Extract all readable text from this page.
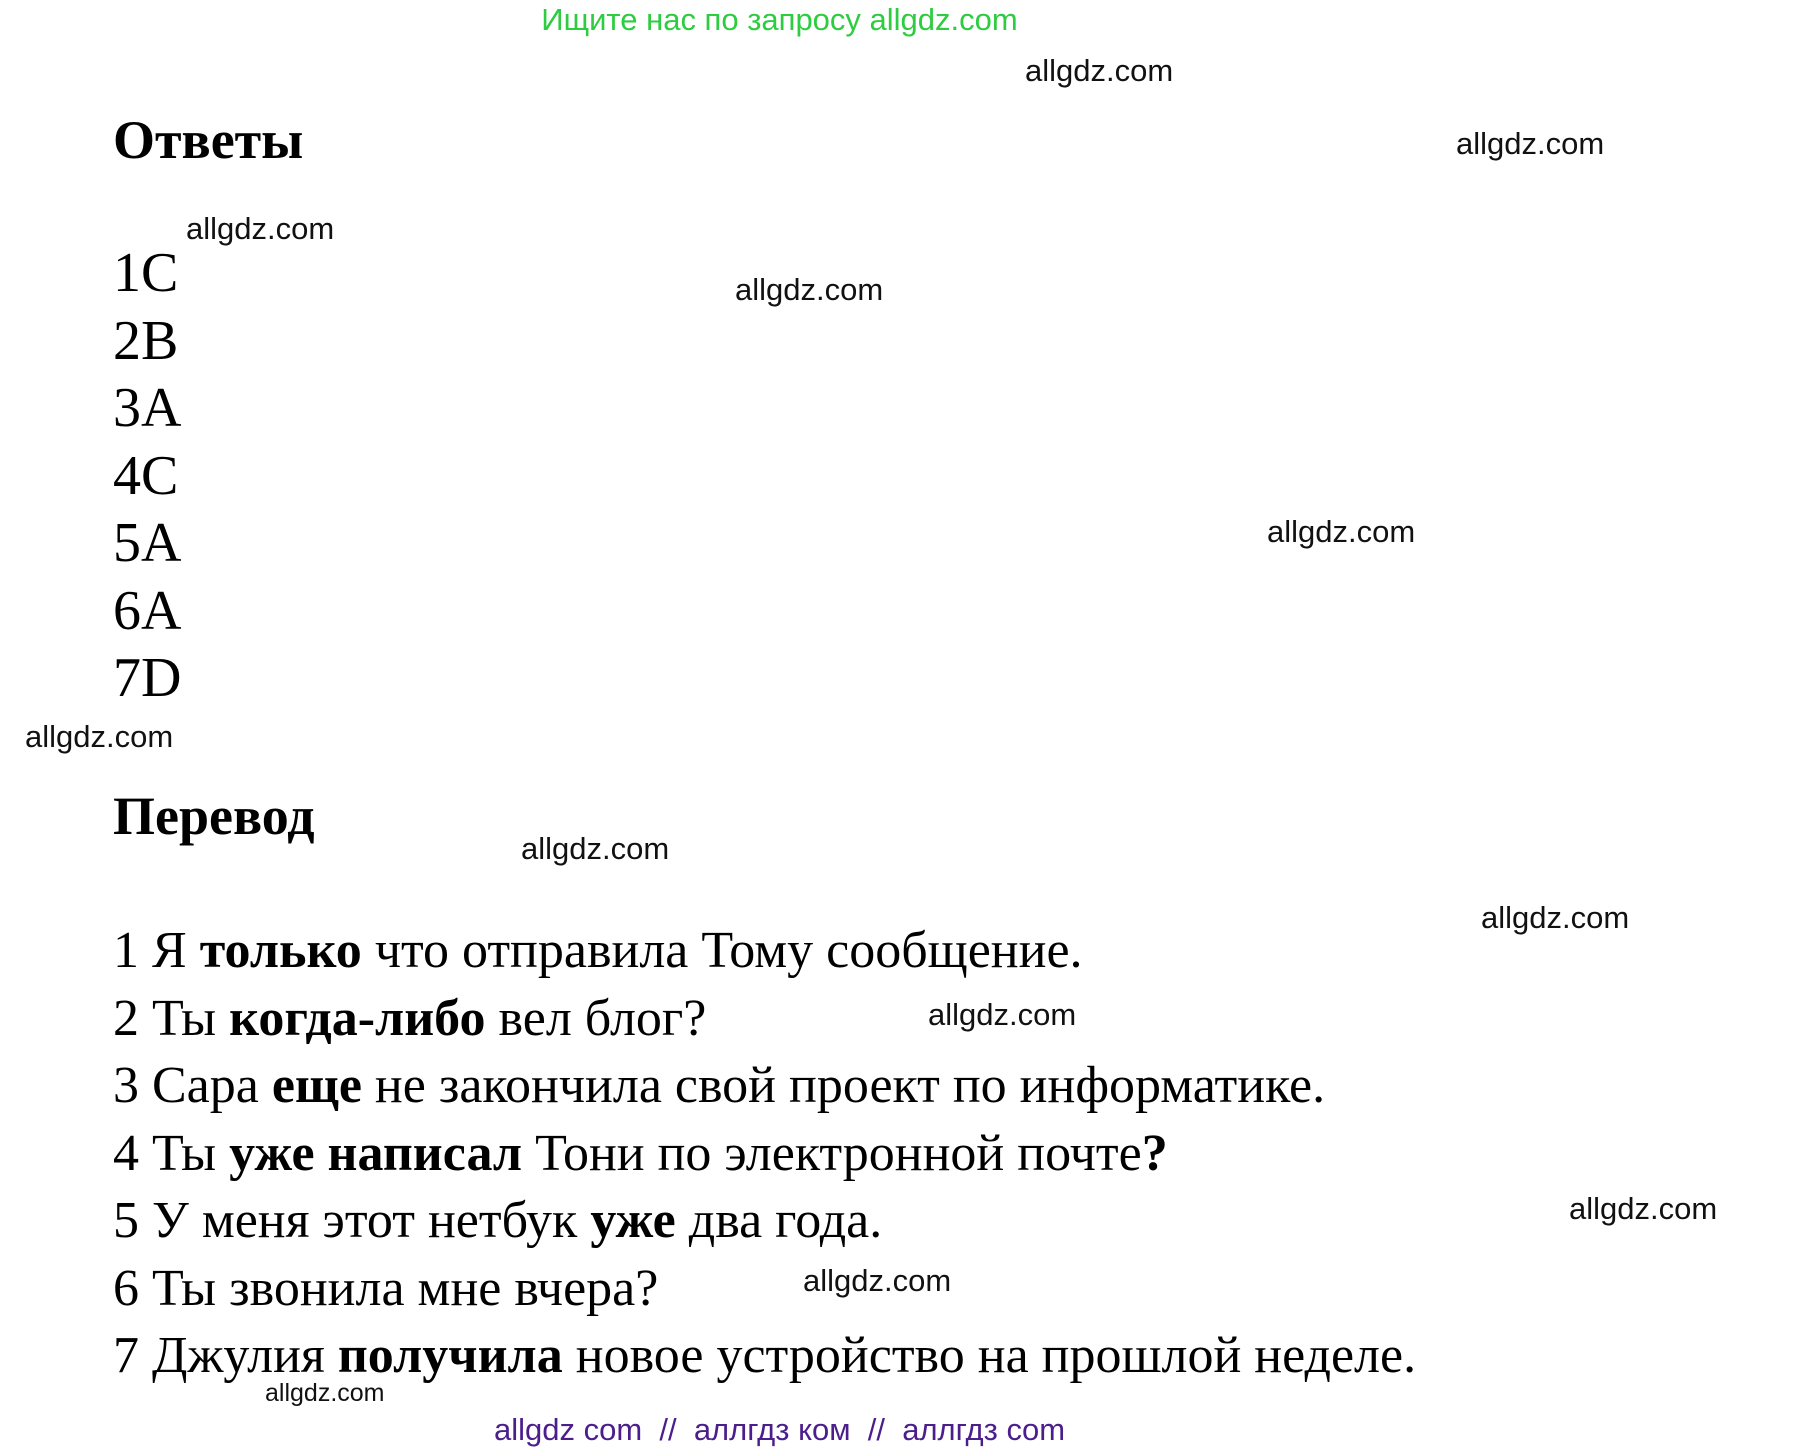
Ищите нас по запросу allgdz.com
allgdz.com
allgdz.com
allgdz.com
allgdz.com
allgdz.com
allgdz.com
allgdz.com
allgdz.com
allgdz.com
allgdz.com
allgdz.com
allgdz.com
Ответы
1C
2B
3A
4C
5A
6A
7D
Перевод
1 Я только что отправила Тому сообщение.
2 Ты когда-либо вел блог?
3 Сара еще не закончила свой проект по информатике.
4 Ты уже написал Тони по электронной почте?
5 У меня этот нетбук уже два года.
6 Ты звонила мне вчера?
7 Джулия получила новое устройство на прошлой неделе.
allgdz com  //  аллгдз ком  //  аллгдз com
